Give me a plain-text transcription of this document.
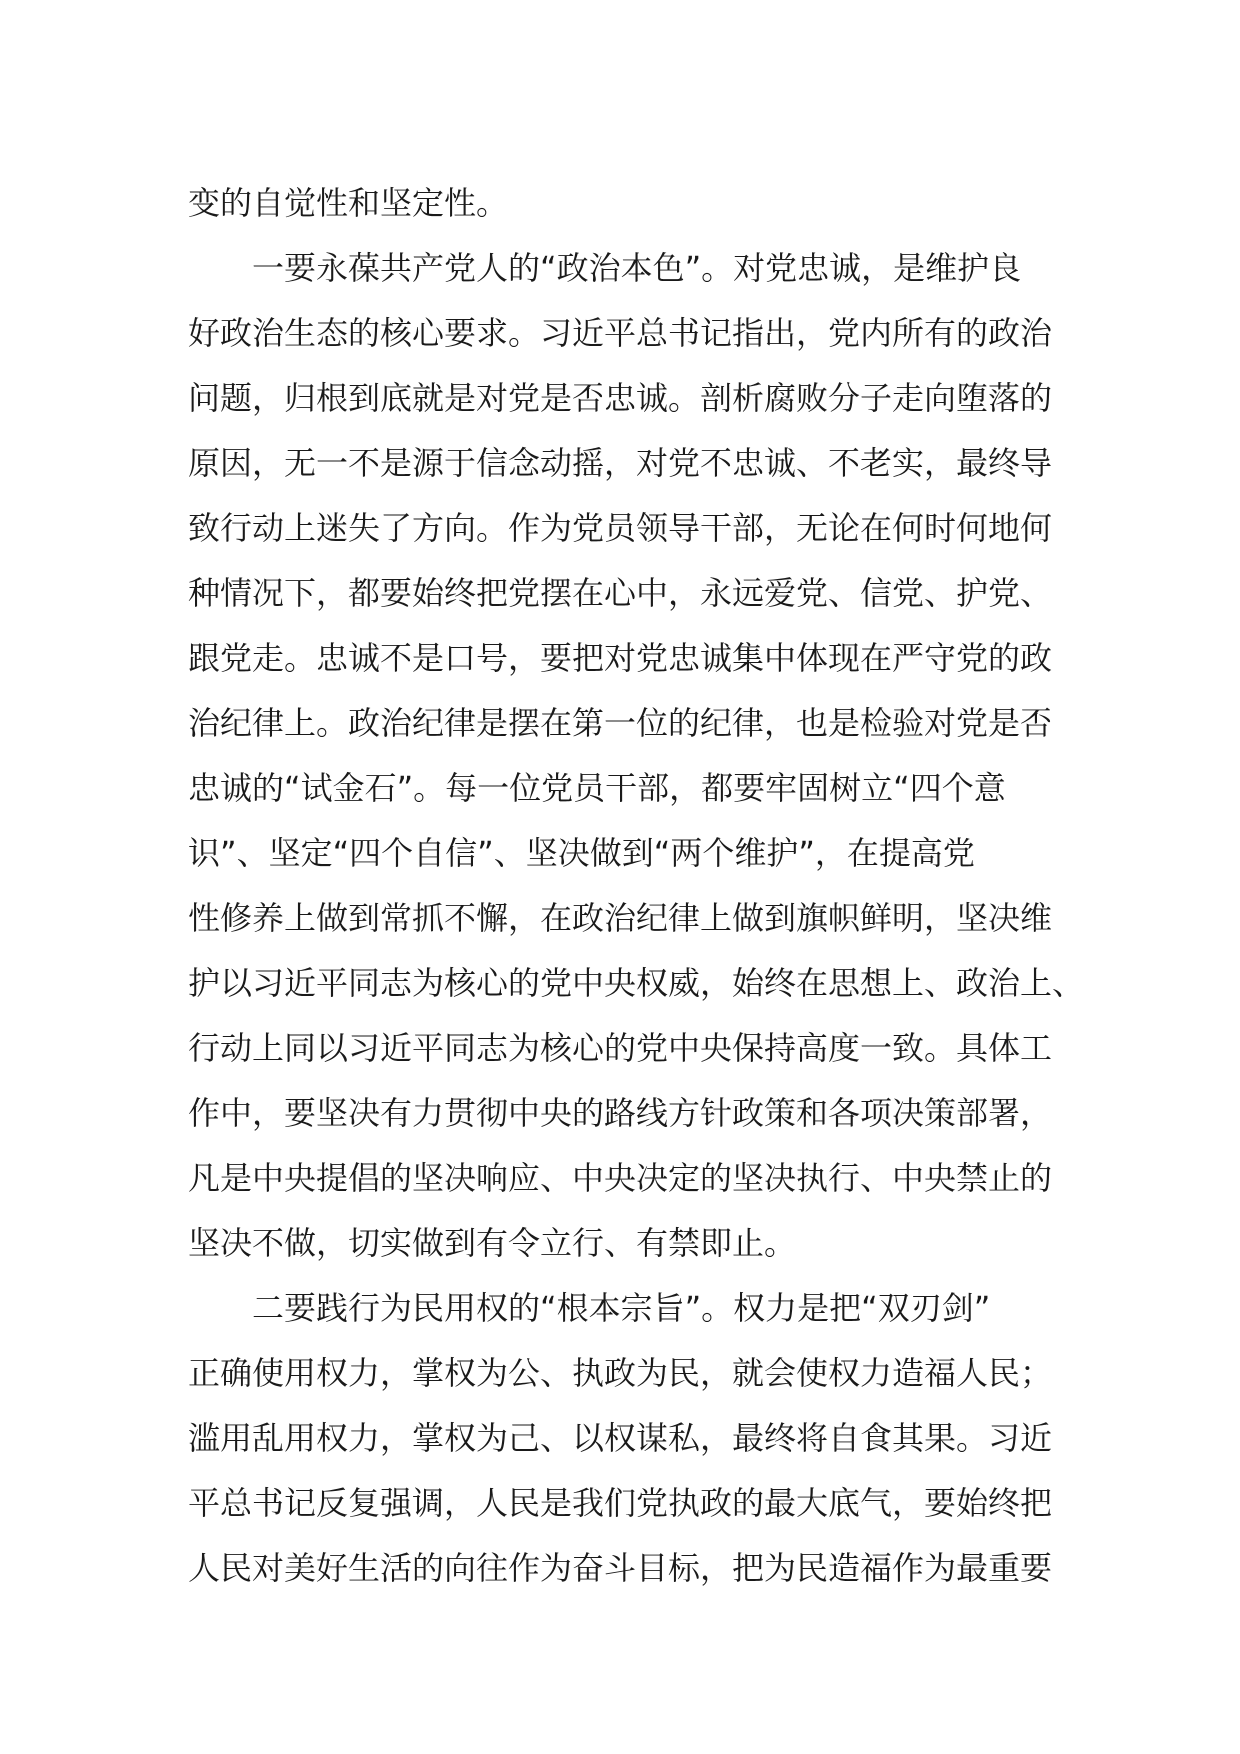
变的自觉性和坚定性。
一要永葆共产党人的“政治本色”。对党忠诚，是维护良
好政治生态的核心要求。习近平总书记指出，党内所有的政治
问题，归根到底就是对党是否忠诚。剖析腐败分子走向堕落的
原因，无一不是源于信念动摇，对党不忠诚、不老实，最终导
致行动上迷失了方向。作为党员领导干部，无论在何时何地何
种情况下，都要始终把党摆在心中，永远爱党、信党、护党、
跟党走。忠诚不是口号，要把对党忠诚集中体现在严守党的政
治纪律上。政治纪律是摆在第一位的纪律，也是检验对党是否
忠诚的“试金石”。每一位党员干部，都要牢固树立“四个意
识”、坚定“四个自信”、坚决做到“两个维护”，在提高党
性修养上做到常抓不懈，在政治纪律上做到旗帜鲜明，坚决维
护以习近平同志为核心的党中央权威，始终在思想上、政治上、
行动上同以习近平同志为核心的党中央保持高度一致。具体工
作中，要坚决有力贯彻中央的路线方针政策和各项决策部署，
凡是中央提倡的坚决响应、中央决定的坚决执行、中央禁止的
坚决不做，切实做到有令立行、有禁即止。
二要践行为民用权的“根本宗旨”。权力是把“双刃剑”
正确使用权力，掌权为公、执政为民，就会使权力造福人民；
滥用乱用权力，掌权为己、以权谋私，最终将自食其果。习近
平总书记反复强调，人民是我们党执政的最大底气，要始终把
人民对美好生活的向往作为奋斗目标，把为民造福作为最重要
